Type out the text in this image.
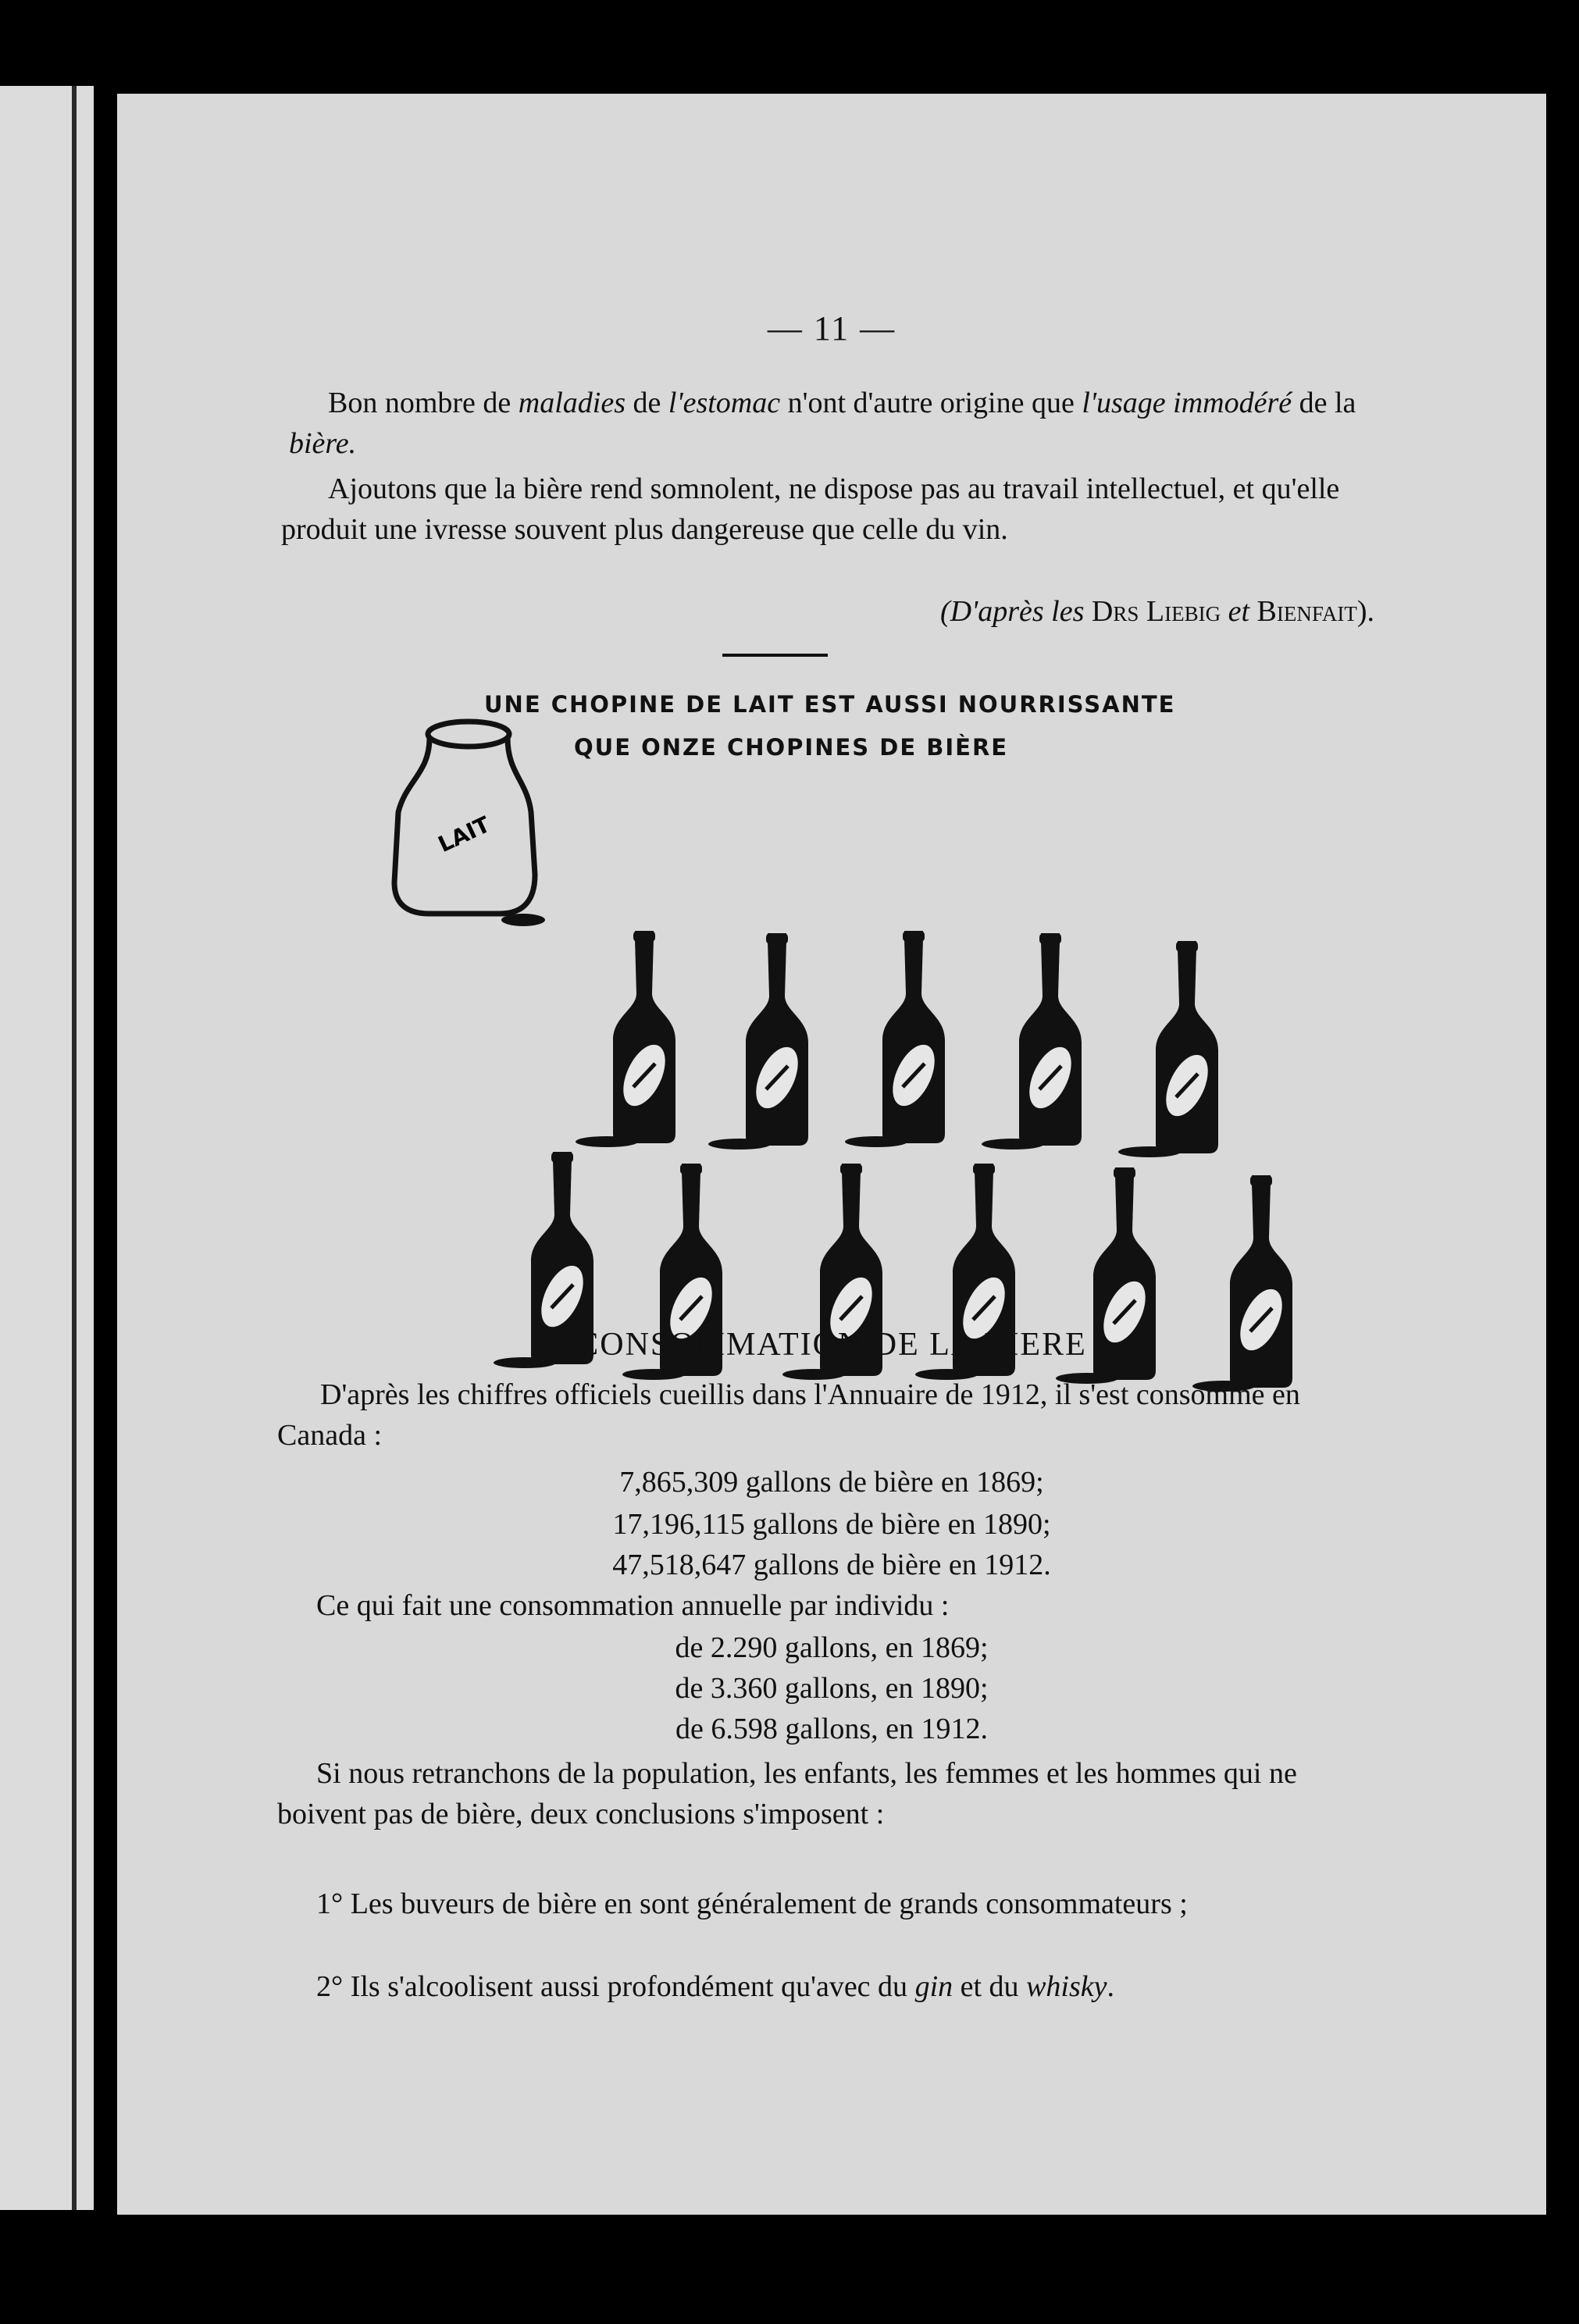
— 11 —

Bon nombre de maladies de l'estomac n'ont d'autre origine que l'usage immodéré de la bière.

Ajoutons que la bière rend somnolent, ne dispose pas au travail intellectuel, et qu'elle produit une ivresse souvent plus dangereuse que celle du vin.

(D'après les Drs Liebig et Bienfait).
UNE CHOPINE DE LAIT EST AUSSI NOURRISSANTE
QUE ONZE CHOPINES DE BIÈRE
LAIT
CONSOMMATION DE LA BIERE

D'après les chiffres officiels cueillis dans l'Annuaire de 1912, il s'est consommé en Canada :

7,865,309 gallons de bière en 1869;
17,196,115 gallons de bière en 1890;
47,518,647 gallons de bière en 1912.

Ce qui fait une consommation annuelle par individu :

de 2.290 gallons, en 1869;
de 3.360 gallons, en 1890;
de 6.598 gallons, en 1912.

Si nous retranchons de la population, les enfants, les femmes et les hommes qui ne boivent pas de bière, deux conclusions s'imposent :

1° Les buveurs de bière en sont généralement de grands consommateurs ;

2° Ils s'alcoolisent aussi profondément qu'avec du gin et du whisky.
